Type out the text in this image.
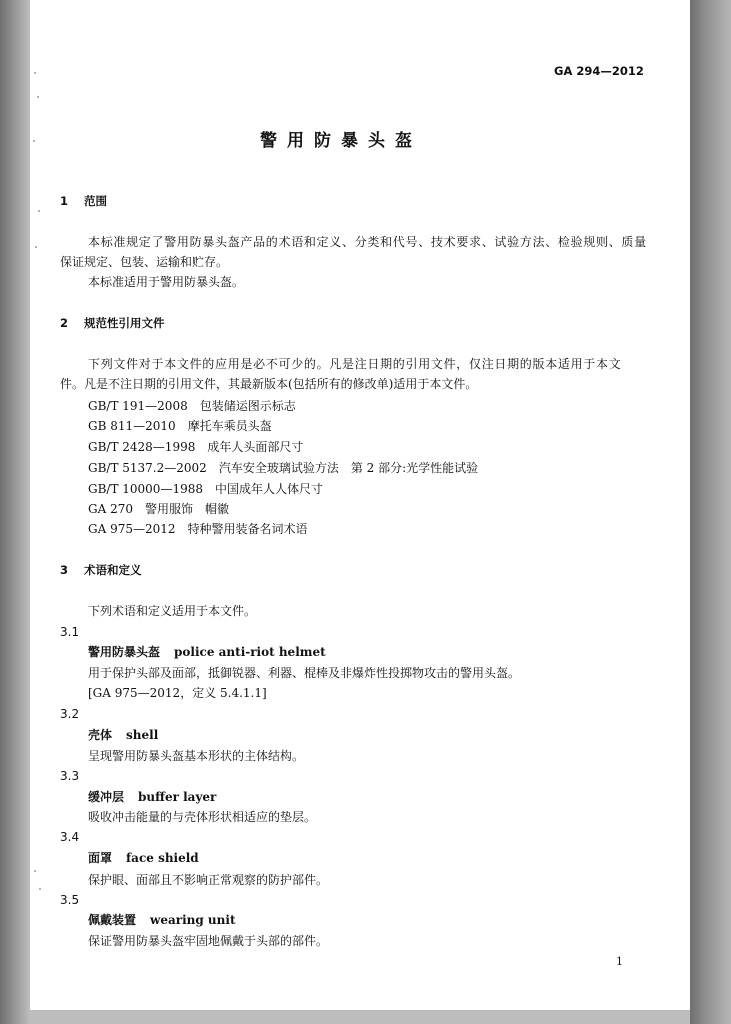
GA 294—2012
警用防暴头盔
1 范围
本标准规定了警用防暴头盔产品的术语和定义、分类和代号、技术要求、试验方法、检验规则、质量
保证规定、包装、运输和贮存。
本标准适用于警用防暴头盔。
2 规范性引用文件
下列文件对于本文件的应用是必不可少的。凡是注日期的引用文件，仅注日期的版本适用于本文
件。凡是不注日期的引用文件，其最新版本(包括所有的修改单)适用于本文件。
GB/T 191—2008　 包装储运图示标志
GB 811—2010　 摩托车乘员头盔
GB/T 2428—1998　 成年人头面部尺寸
GB/T 5137.2—2002　 汽车安全玻璃试验方法　第 2 部分:光学性能试验
GB/T 10000—1988　 中国成年人人体尺寸
GA 270　 警用服饰　帽徽
GA 975—2012　 特种警用装备名词术语
3 术语和定义
下列术语和定义适用于本文件。
3.1
警用防暴头盔 police anti-riot helmet
用于保护头部及面部，抵御锐器、利器、棍棒及非爆炸性投掷物攻击的警用头盔。
[GA 975—2012，定义 5.4.1.1]
3.2
壳体 shell
呈现警用防暴头盔基本形状的主体结构。
3.3
缓冲层 buffer layer
吸收冲击能量的与壳体形状相适应的垫层。
3.4
面罩 face shield
保护眼、面部且不影响正常观察的防护部件。
3.5
佩戴装置 wearing unit
保证警用防暴头盔牢固地佩戴于头部的部件。
1
